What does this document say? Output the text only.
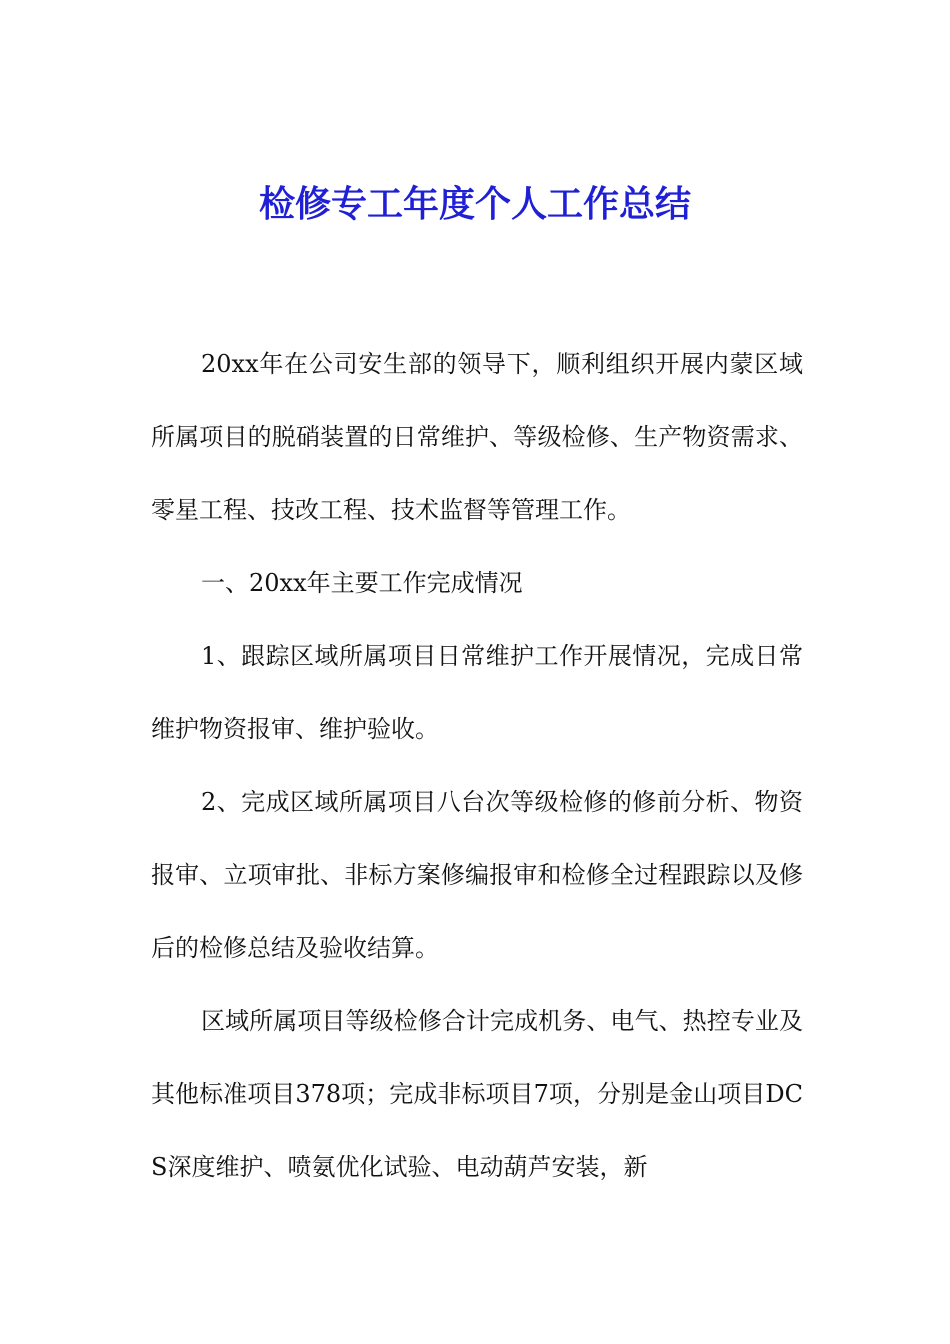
检修专工年度个人工作总结

20xx年在公司安生部的领导下，顺利组织开展内蒙区域所属项目的脱硝装置的日常维护、等级检修、生产物资需求、零星工程、技改工程、技术监督等管理工作。

一、20xx年主要工作完成情况

1、跟踪区域所属项目日常维护工作开展情况，完成日常维护物资报审、维护验收。

2、完成区域所属项目八台次等级检修的修前分析、物资报审、立项审批、非标方案修编报审和检修全过程跟踪以及修后的检修总结及验收结算。

区域所属项目等级检修合计完成机务、电气、热控专业及其他标准项目378项；完成非标项目7项，分别是金山项目DCS深度维护、喷氨优化试验、电动葫芦安装，新
